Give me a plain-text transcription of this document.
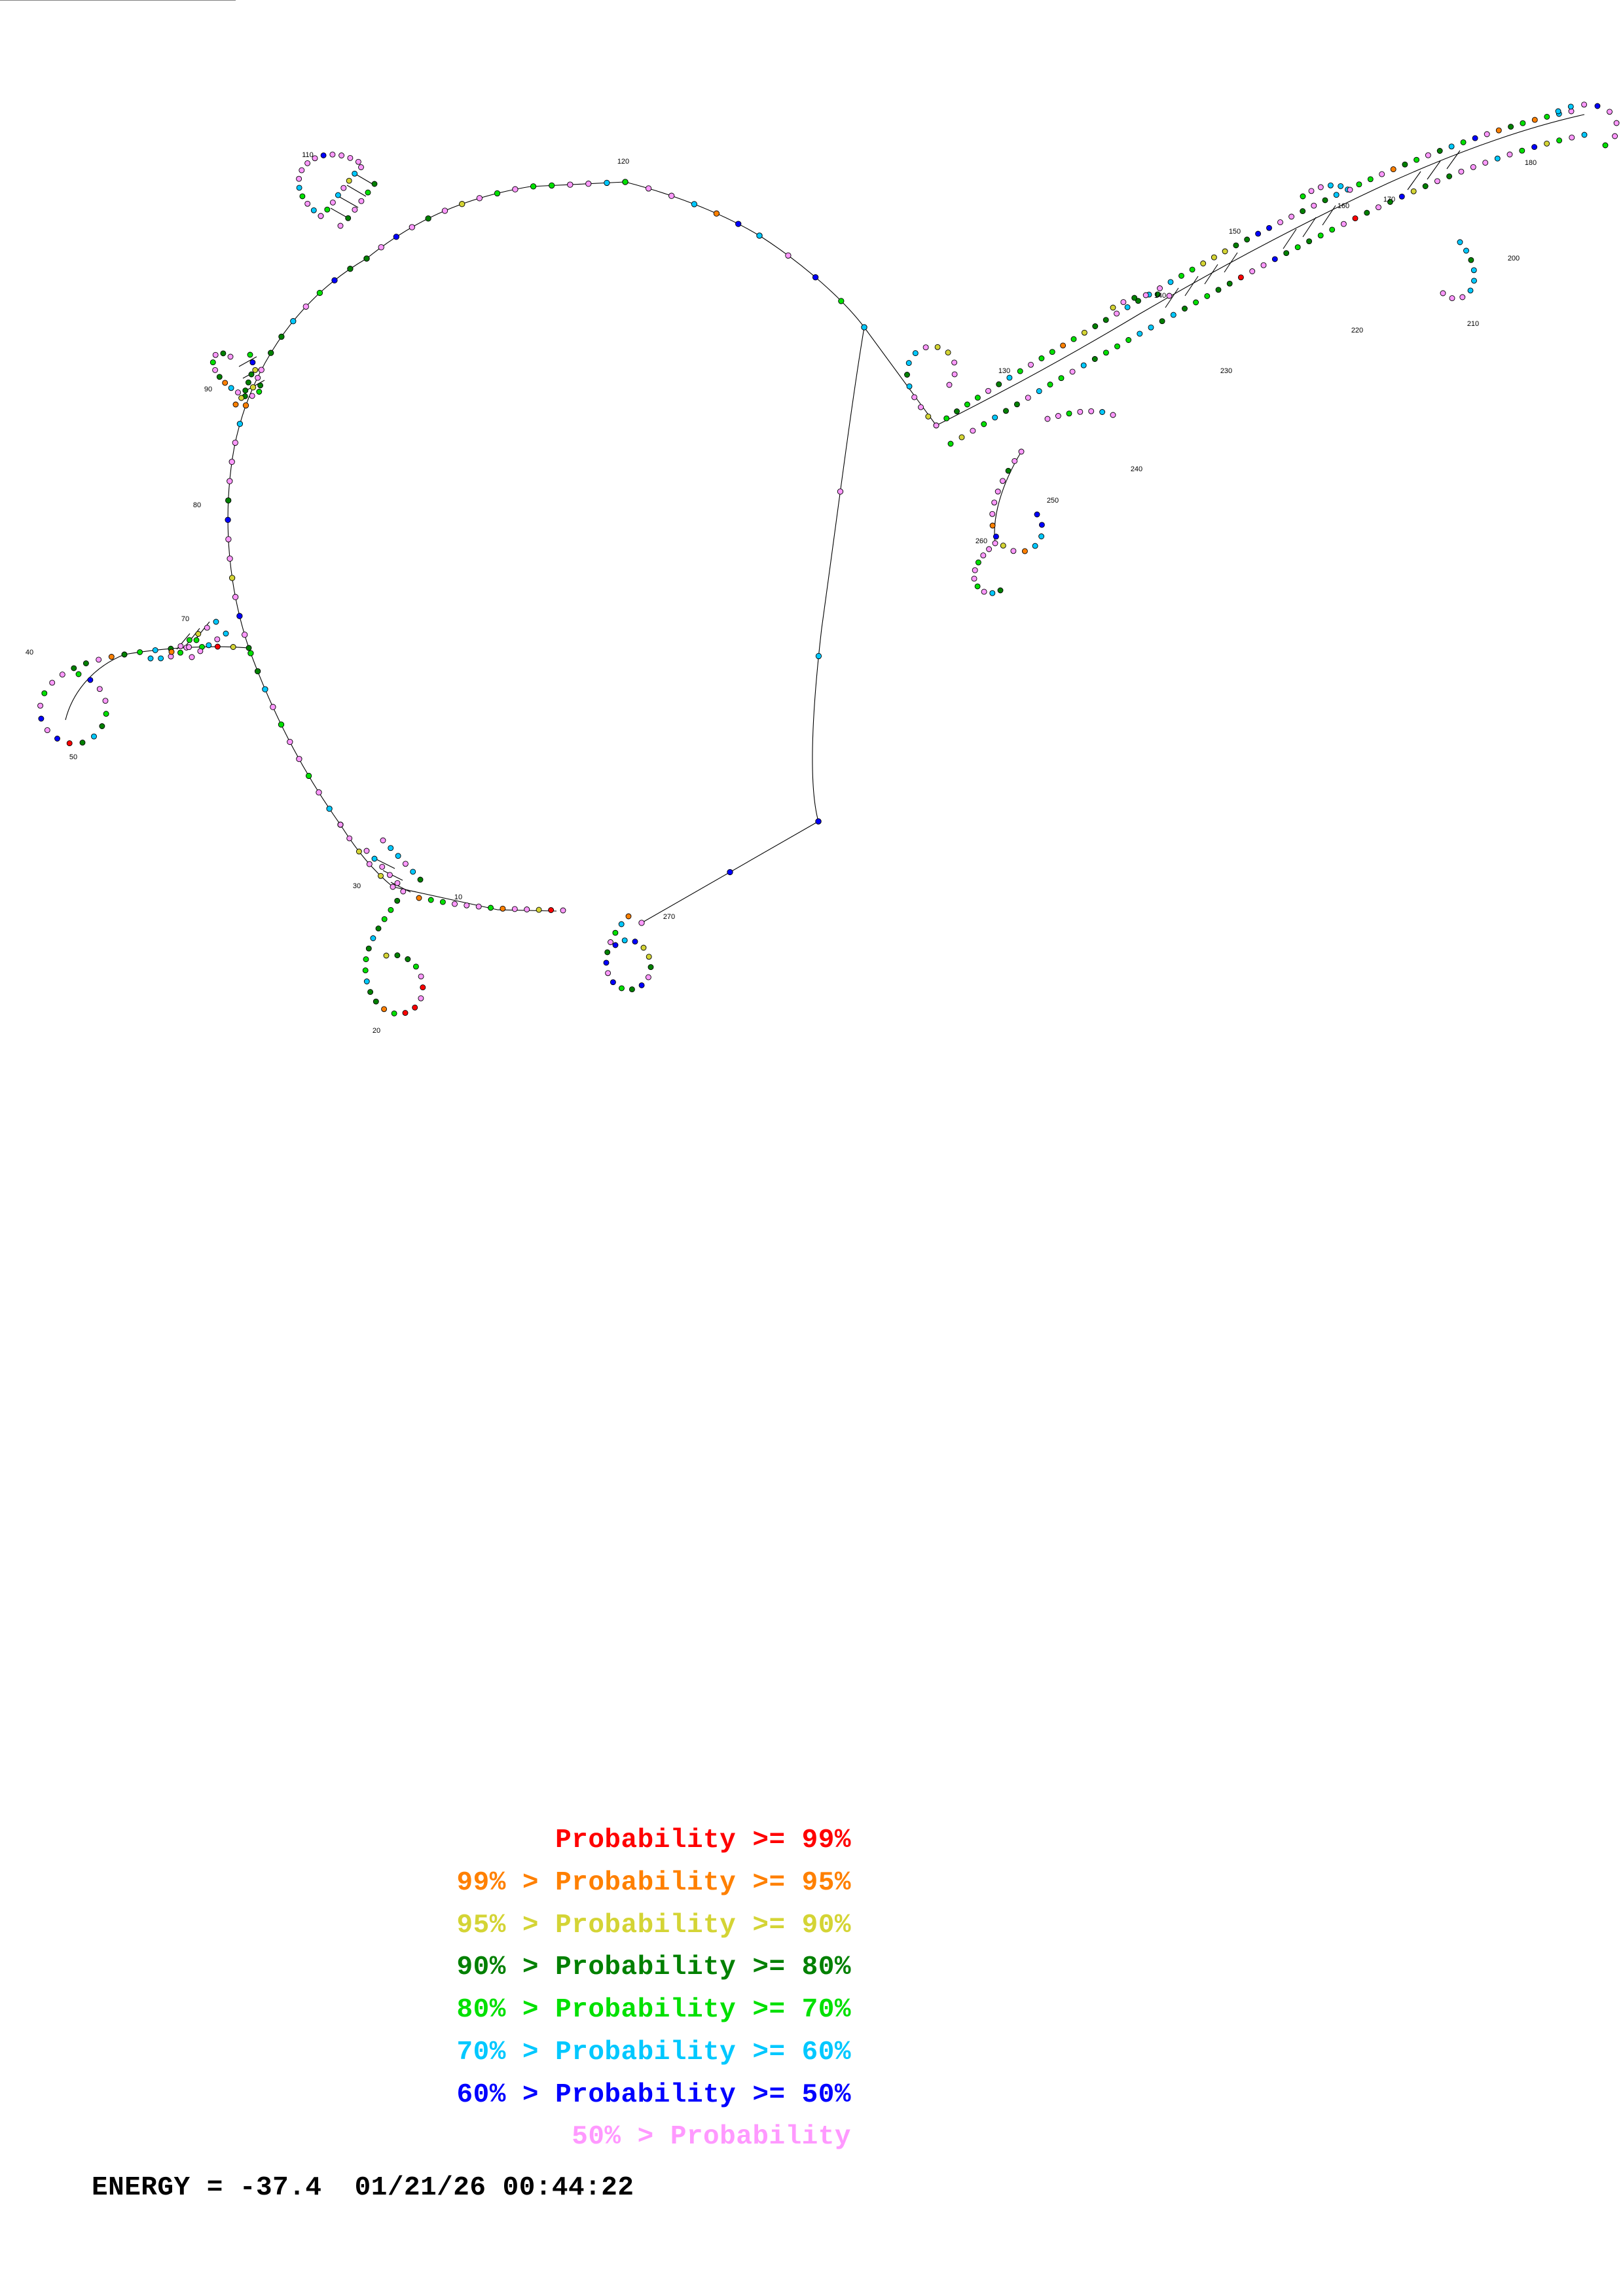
10
20
30
40
50
70
80
90
110
120
130
140
150
160
170
180
200
210
220
230
240
250
260
270
Probability >= 99%
99% > Probability >= 95%
95% > Probability >= 90%
90% > Probability >= 80%
80% > Probability >= 70%
70% > Probability >= 60%
60% > Probability >= 50%
50% > Probability
ENERGY = -37.4  01/21/26 00:44:22
